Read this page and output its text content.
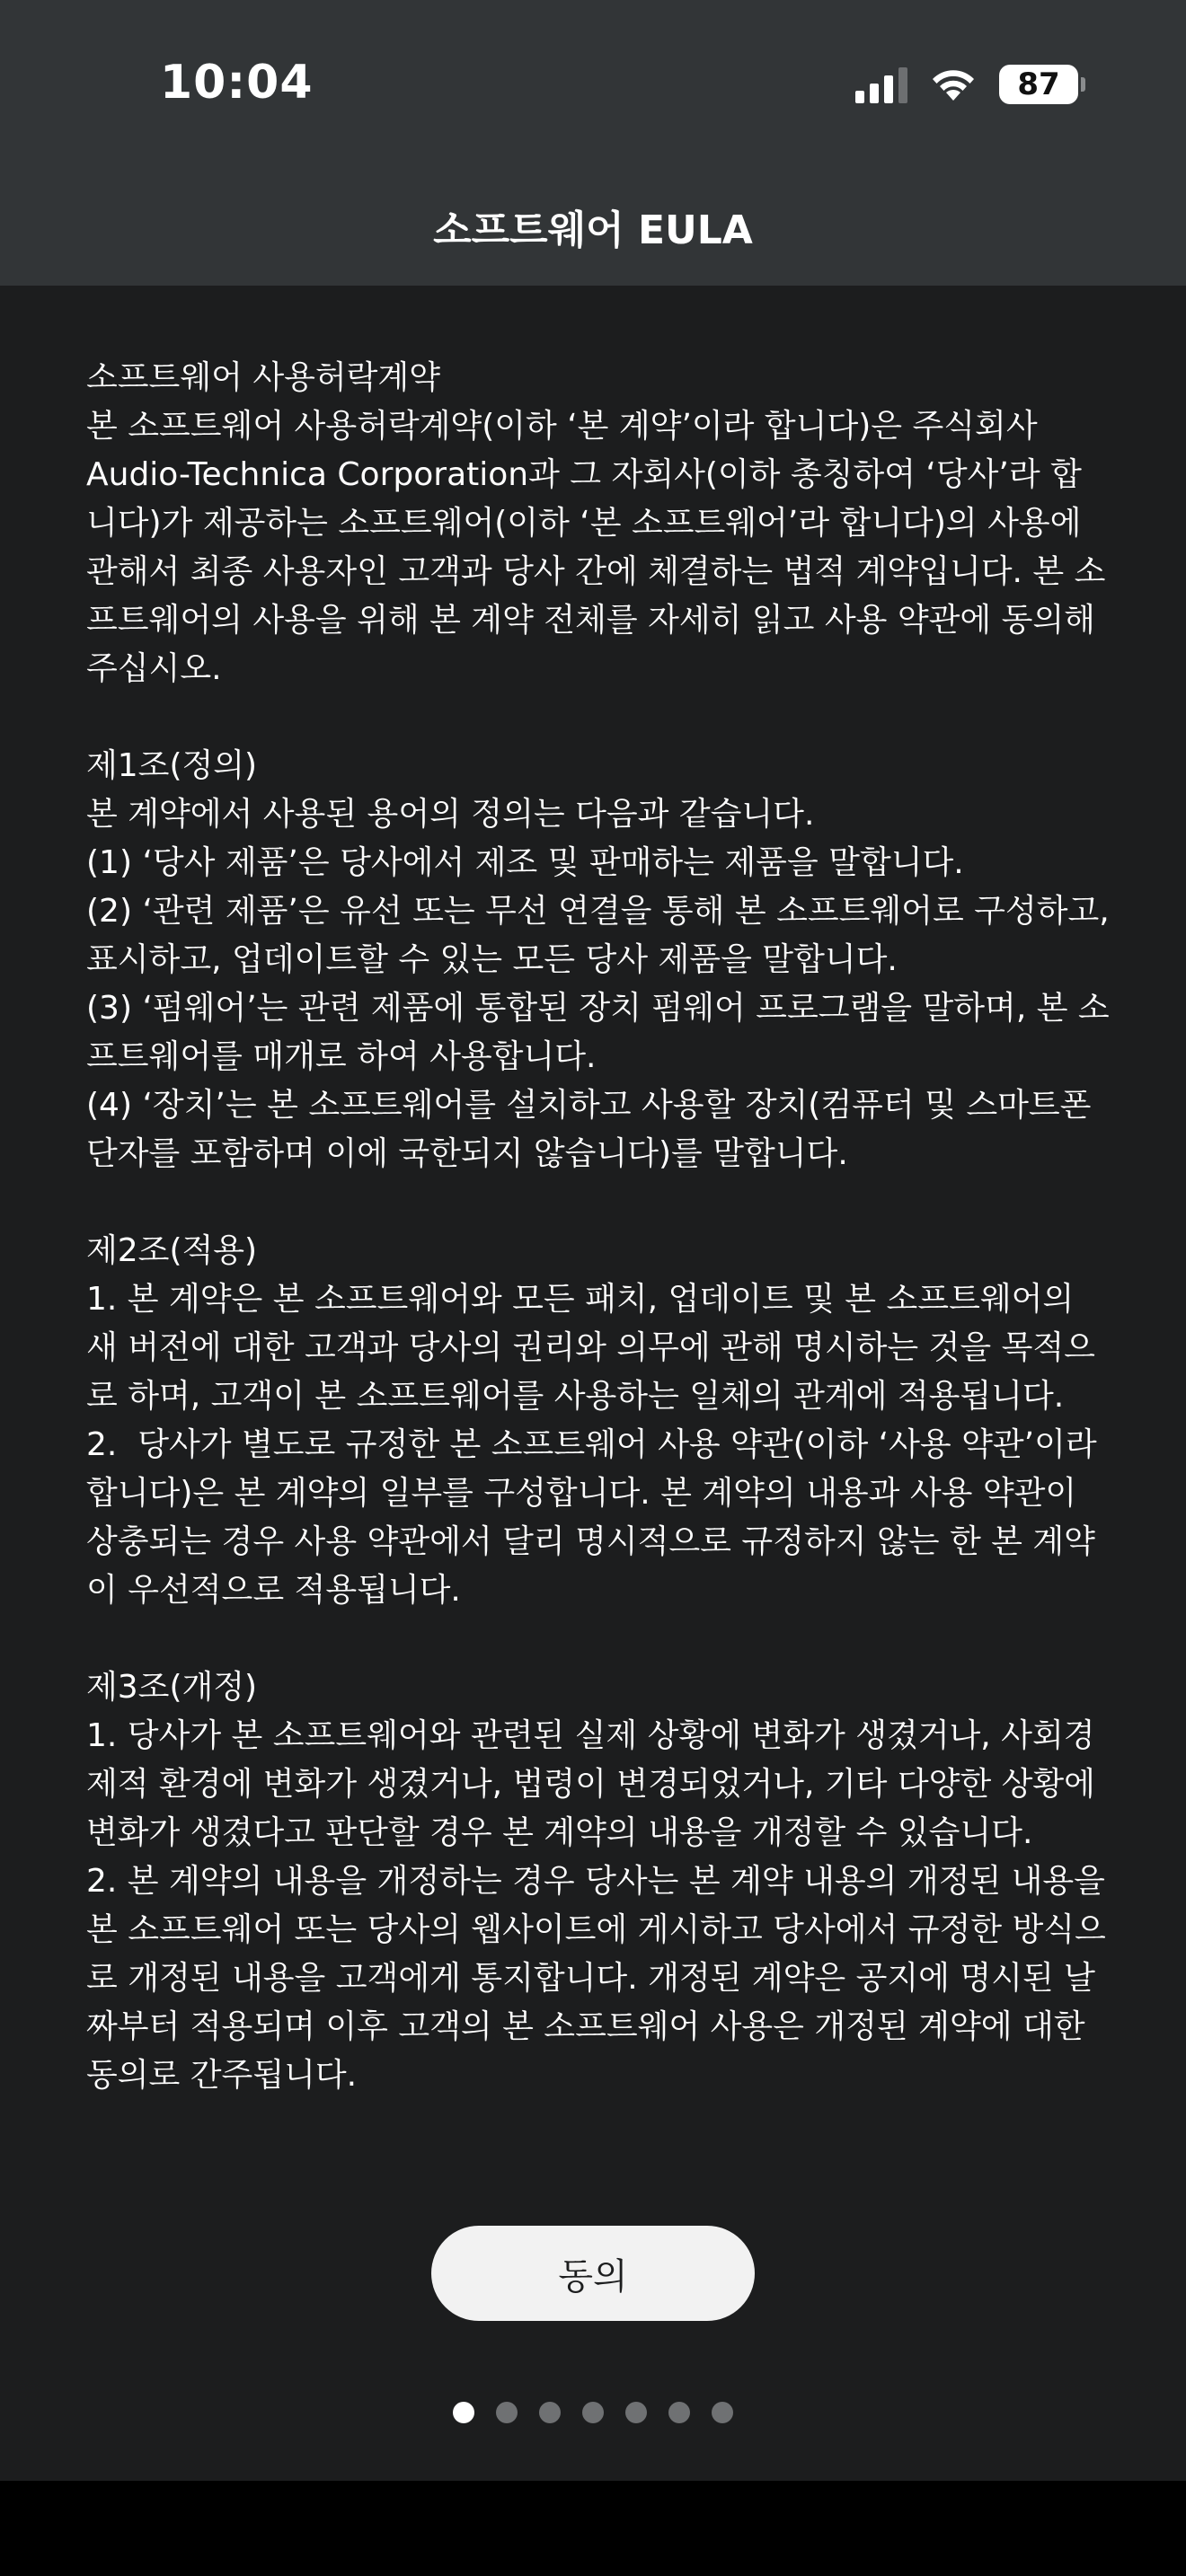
10:04	87
소프트웨어 EULA

소프트웨어 사용허락계약
본 소프트웨어 사용허락계약(이하 ‘본 계약’이라 합니다)은 주식회사 Audio-Technica Corporation과 그 자회사(이하 총칭하여 ‘당사’라 합니다)가 제공하는 소프트웨어(이하 ‘본 소프트웨어’라 합니다)의 사용에 관해서 최종 사용자인 고객과 당사 간에 체결하는 법적 계약입니다. 본 소프트웨어의 사용을 위해 본 계약 전체를 자세히 읽고 사용 약관에 동의해 주십시오.

제1조(정의)
본 계약에서 사용된 용어의 정의는 다음과 같습니다.
(1) ‘당사 제품’은 당사에서 제조 및 판매하는 제품을 말합니다.
(2) ‘관련 제품’은 유선 또는 무선 연결을 통해 본 소프트웨어로 구성하고, 표시하고, 업데이트할 수 있는 모든 당사 제품을 말합니다.
(3) ‘펌웨어’는 관련 제품에 통합된 장치 펌웨어 프로그램을 말하며, 본 소프트웨어를 매개로 하여 사용합니다.
(4) ‘장치’는 본 소프트웨어를 설치하고 사용할 장치(컴퓨터 및 스마트폰 단자를 포함하며 이에 국한되지 않습니다)를 말합니다.

제2조(적용)
1. 본 계약은 본 소프트웨어와 모든 패치, 업데이트 및 본 소프트웨어의 새 버전에 대한 고객과 당사의 권리와 의무에 관해 명시하는 것을 목적으로 하며, 고객이 본 소프트웨어를 사용하는 일체의 관계에 적용됩니다.
2.  당사가 별도로 규정한 본 소프트웨어 사용 약관(이하 ‘사용 약관’이라 합니다)은 본 계약의 일부를 구성합니다. 본 계약의 내용과 사용 약관이 상충되는 경우 사용 약관에서 달리 명시적으로 규정하지 않는 한 본 계약이 우선적으로 적용됩니다.

제3조(개정)
1. 당사가 본 소프트웨어와 관련된 실제 상황에 변화가 생겼거나, 사회경제적 환경에 변화가 생겼거나, 법령이 변경되었거나, 기타 다양한 상황에 변화가 생겼다고 판단할 경우 본 계약의 내용을 개정할 수 있습니다.
2. 본 계약의 내용을 개정하는 경우 당사는 본 계약 내용의 개정된 내용을 본 소프트웨어 또는 당사의 웹사이트에 게시하고 당사에서 규정한 방식으로 개정된 내용을 고객에게 통지합니다. 개정된 계약은 공지에 명시된 날짜부터 적용되며 이후 고객의 본 소프트웨어 사용은 개정된 계약에 대한 동의로 간주됩니다.

동의
